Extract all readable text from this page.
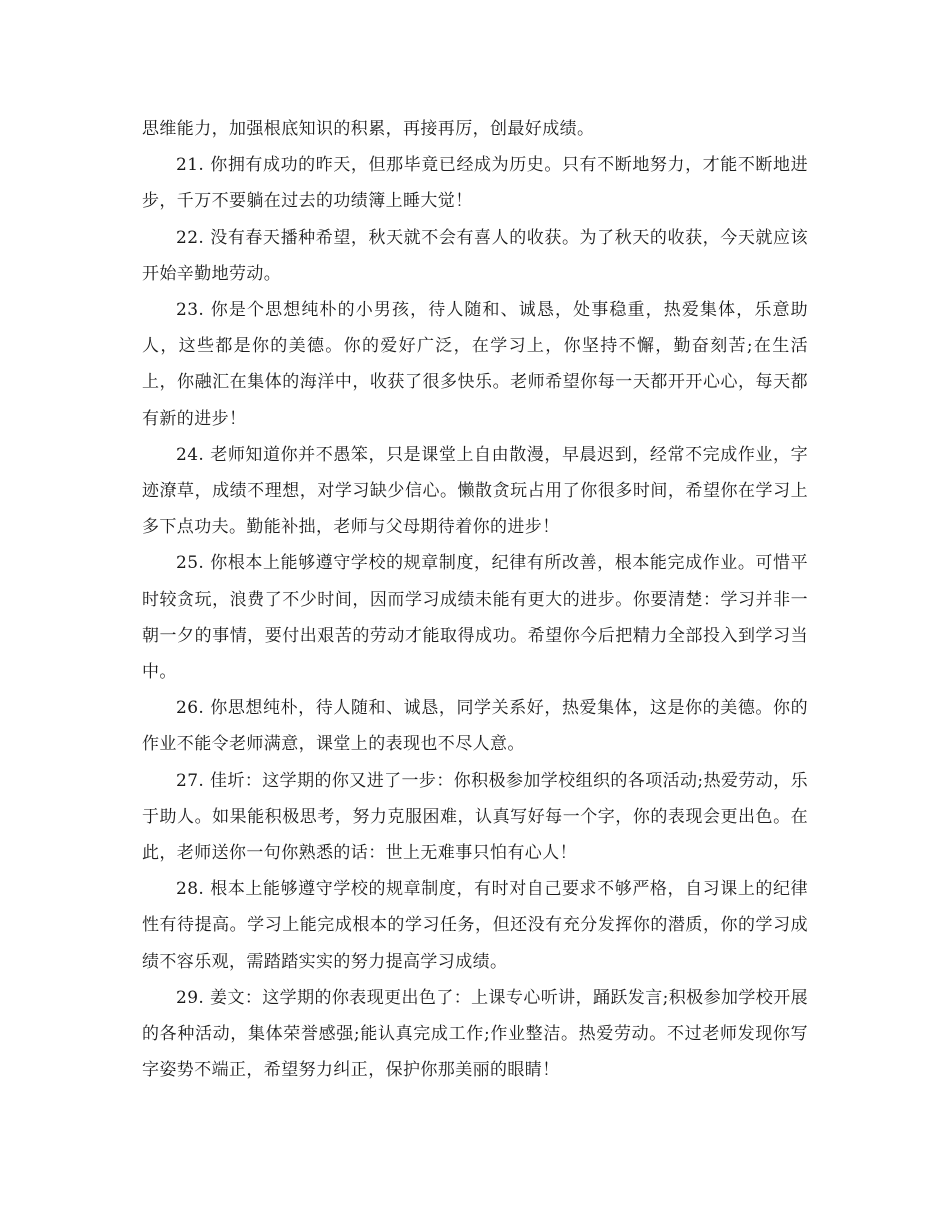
思维能力，加强根底知识的积累，再接再厉，创最好成绩。

21. 你拥有成功的昨天，但那毕竟已经成为历史。只有不断地努力，才能不断地进步，千万不要躺在过去的功绩簿上睡大觉！

22. 没有春天播种希望，秋天就不会有喜人的收获。为了秋天的收获，今天就应该开始辛勤地劳动。

23. 你是个思想纯朴的小男孩，待人随和、诚恳，处事稳重，热爱集体，乐意助人，这些都是你的美德。你的爱好广泛，在学习上，你坚持不懈，勤奋刻苦;在生活上，你融汇在集体的海洋中，收获了很多快乐。老师希望你每一天都开开心心，每天都有新的进步！

24. 老师知道你并不愚笨，只是课堂上自由散漫，早晨迟到，经常不完成作业，字迹潦草，成绩不理想，对学习缺少信心。懒散贪玩占用了你很多时间，希望你在学习上多下点功夫。勤能补拙，老师与父母期待着你的进步！

25. 你根本上能够遵守学校的规章制度，纪律有所改善，根本能完成作业。可惜平时较贪玩，浪费了不少时间，因而学习成绩未能有更大的进步。你要清楚：学习并非一朝一夕的事情，要付出艰苦的劳动才能取得成功。希望你今后把精力全部投入到学习当中。

26. 你思想纯朴，待人随和、诚恳，同学关系好，热爱集体，这是你的美德。你的作业不能令老师满意，课堂上的表现也不尽人意。

27. 佳圻：这学期的你又进了一步：你积极参加学校组织的各项活动;热爱劳动，乐于助人。如果能积极思考，努力克服困难，认真写好每一个字，你的表现会更出色。在此，老师送你一句你熟悉的话：世上无难事只怕有心人！

28. 根本上能够遵守学校的规章制度，有时对自己要求不够严格，自习课上的纪律性有待提高。学习上能完成根本的学习任务，但还没有充分发挥你的潜质，你的学习成绩不容乐观，需踏踏实实的努力提高学习成绩。

29. 姜文：这学期的你表现更出色了：上课专心听讲，踊跃发言;积极参加学校开展的各种活动，集体荣誉感强;能认真完成工作;作业整洁。热爱劳动。不过老师发现你写字姿势不端正，希望努力纠正，保护你那美丽的眼睛！
